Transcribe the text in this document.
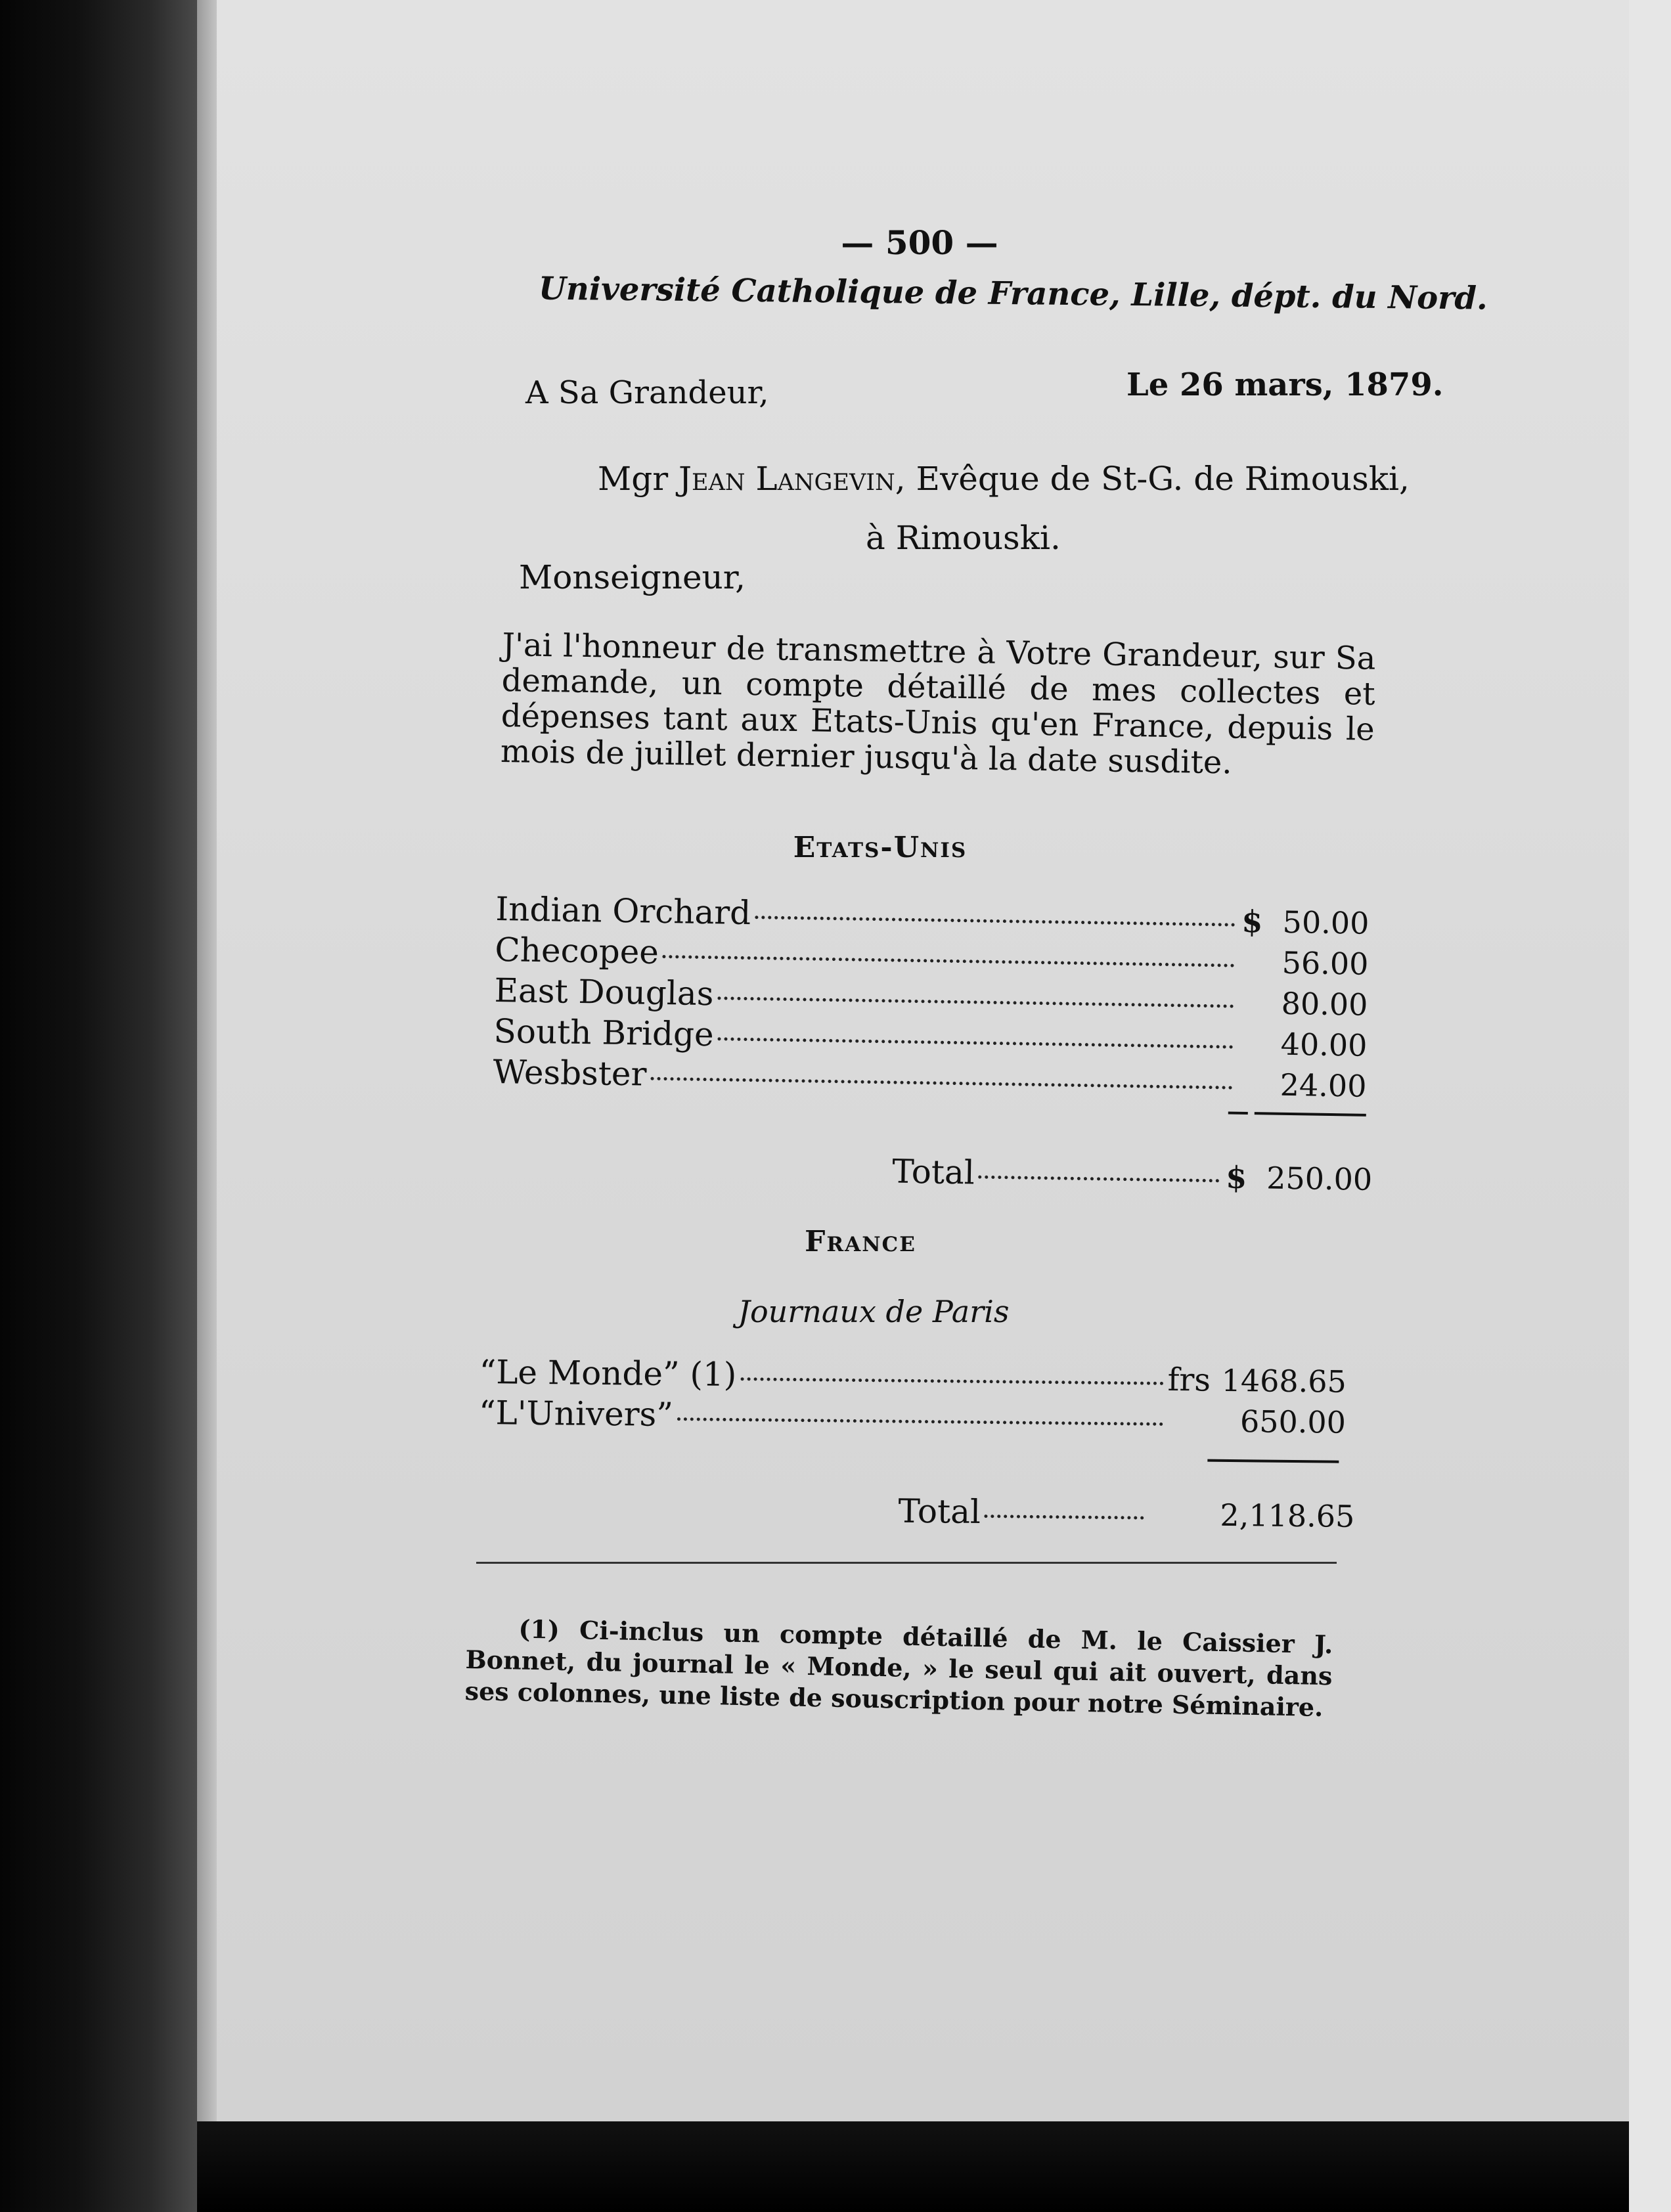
— 500 —

Université Catholique de France, Lille, dépt. du Nord.

A Sa Grandeur,	Le 26 mars, 1879.

Mgr Jean Langevin, Evêque de St-G. de Rimouski,

à Rimouski.

Monseigneur,

J'ai l'honneur de transmettre à Votre Grandeur, sur Sa demande, un compte détaillé de mes collectes et dépenses tant aux Etats-Unis qu'en France, depuis le mois de juillet dernier jusqu'à la date susdite.

Etats-Unis

Indian Orchard	$ 50.00
Checopee	56.00
East Douglas	80.00
South Bridge	40.00
Wesbster	24.00
Total	$ 250.00

France

Journaux de Paris

“Le Monde” (1)	frs 1468.65
“L'Univers”	650.00
Total	2,118.65

(1) Ci-inclus un compte détaillé de M. le Caissier J. Bonnet, du journal le « Monde, » le seul qui ait ouvert, dans ses colonnes, une liste de souscription pour notre Séminaire.
